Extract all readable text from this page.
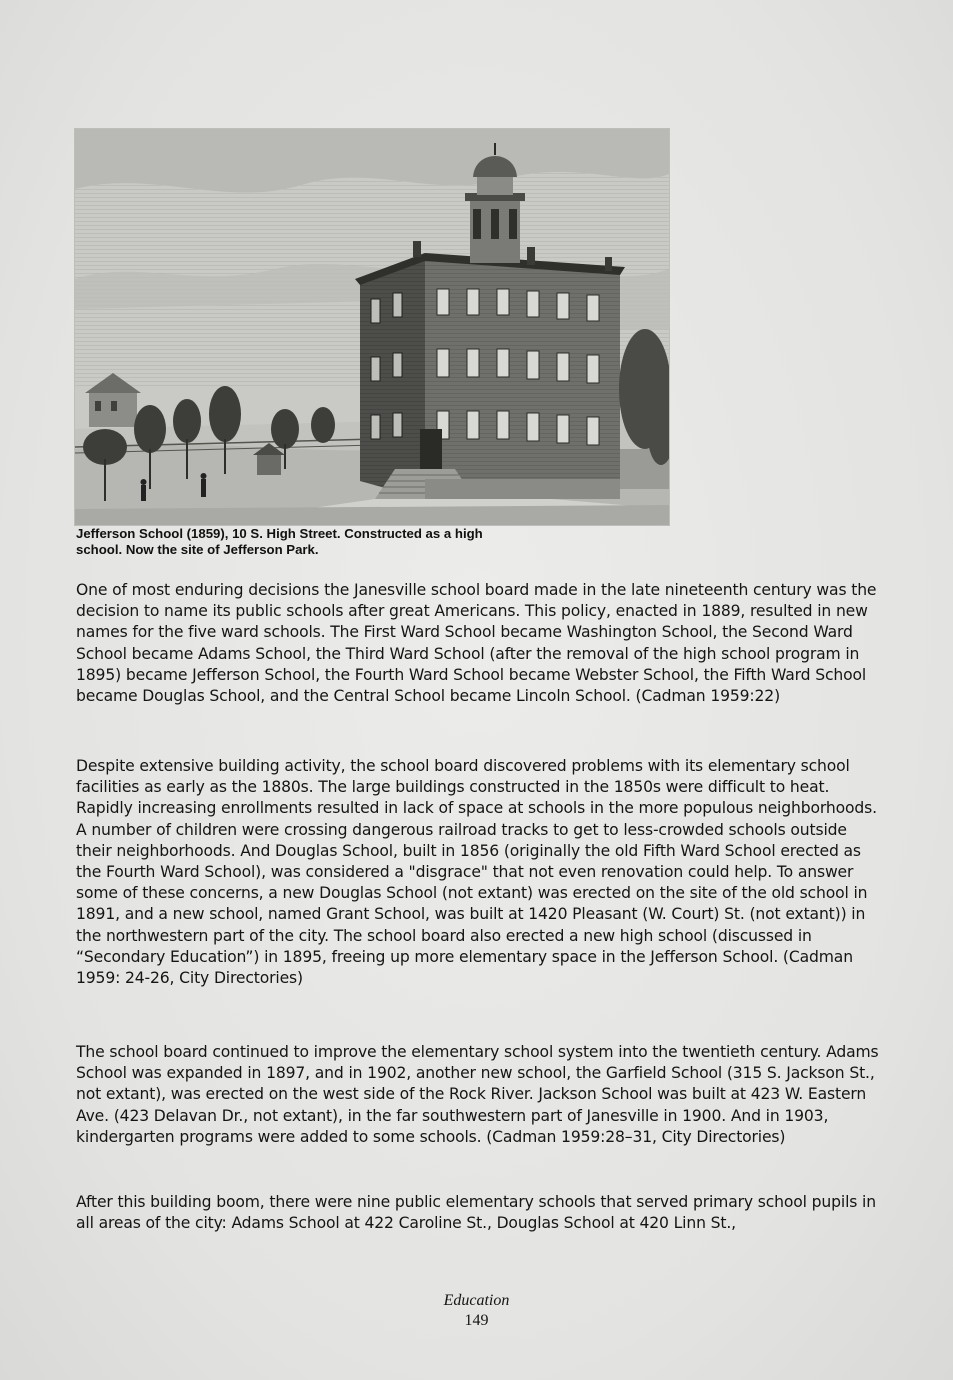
Jefferson School (1859), 10 S. High Street. Constructed as a high school. Now the site of Jefferson Park.

One of most enduring decisions the Janesville school board made in the late nineteenth century was the decision to name its public schools after great Americans. This policy, enacted in 1889, resulted in new names for the five ward schools. The First Ward School became Washington School, the Second Ward School became Adams School, the Third Ward School (after the removal of the high school program in 1895) became Jefferson School, the Fourth Ward School became Webster School, the Fifth Ward School became Douglas School, and the Central School became Lincoln School. (Cadman 1959:22)

Despite extensive building activity, the school board discovered problems with its elementary school facilities as early as the 1880s. The large buildings constructed in the 1850s were difficult to heat. Rapidly increasing enrollments resulted in lack of space at schools in the more populous neighborhoods. A number of children were crossing dangerous railroad tracks to get to less-crowded schools outside their neighborhoods. And Douglas School, built in 1856 (originally the old Fifth Ward School erected as the Fourth Ward School), was considered a "disgrace" that not even renovation could help. To answer some of these concerns, a new Douglas School (not extant) was erected on the site of the old school in 1891, and a new school, named Grant School, was built at 1420 Pleasant (W. Court) St. (not extant)) in the northwestern part of the city. The school board also erected a new high school (discussed in “Secondary Education”) in 1895, freeing up more elementary space in the Jefferson School. (Cadman 1959: 24-26, City Directories)

The school board continued to improve the elementary school system into the twentieth century. Adams School was expanded in 1897, and in 1902, another new school, the Garfield School (315 S. Jackson St., not extant), was erected on the west side of the Rock River. Jackson School was built at 423 W. Eastern Ave. (423 Delavan Dr., not extant), in the far southwestern part of Janesville in 1900. And in 1903, kindergarten programs were added to some schools. (Cadman 1959:28–31, City Directories)

After this building boom, there were nine public elementary schools that served primary school pupils in all areas of the city: Adams School at 422 Caroline St., Douglas School at 420 Linn St.,

Education
149
